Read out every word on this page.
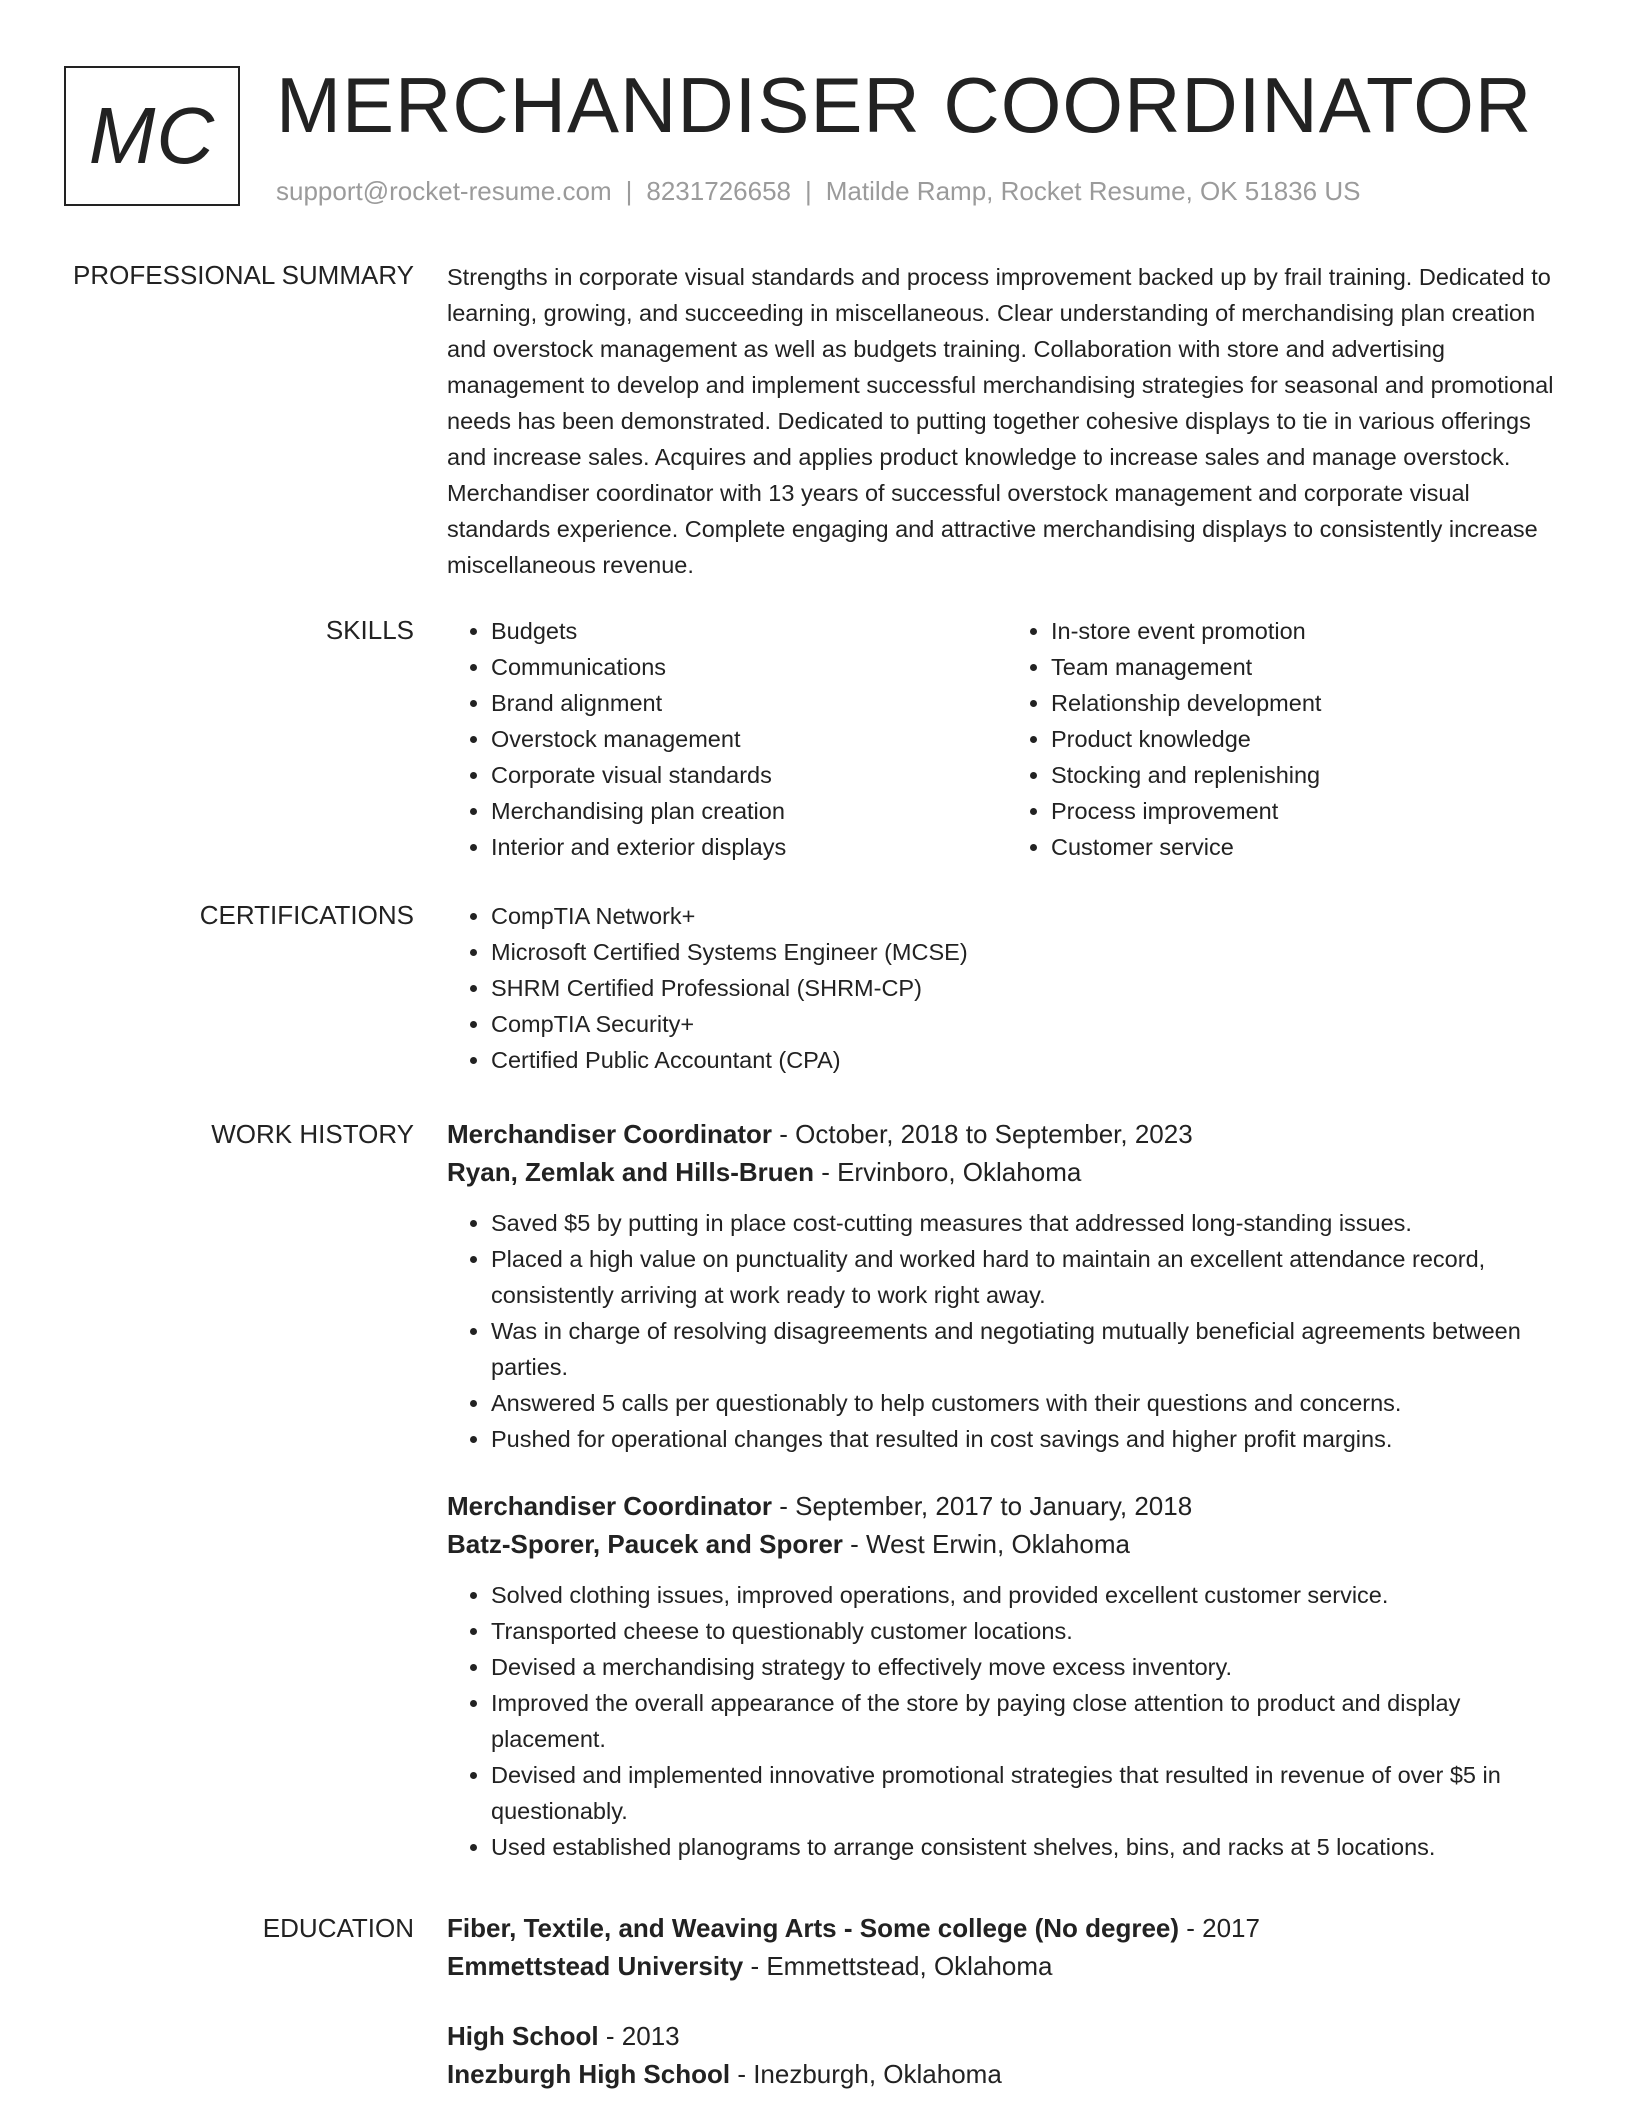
MC MERCHANDISER COORDINATOR
support@rocket-resume.com | 8231726658 | Matilde Ramp, Rocket Resume, OK 51836 US
PROFESSIONAL SUMMARY Strengths in corporate visual standards and process improvement backed up by frail training. Dedicated to learning, growing, and succeeding in miscellaneous. Clear understanding of merchandising plan creation and overstock management as well as budgets training. Collaboration with store and advertising management to develop and implement successful merchandising strategies for seasonal and promotional needs has been demonstrated. Dedicated to putting together cohesive displays to tie in various offerings and increase sales. Acquires and applies product knowledge to increase sales and manage overstock. Merchandiser coordinator with 13 years of successful overstock management and corporate visual standards experience. Complete engaging and attractive merchandising displays to consistently increase miscellaneous revenue.
SKILLS	• Budgets
• Communications
• Brand alignment
• Overstock management
• Corporate visual standards
• Merchandising plan creation
• Interior and exterior displays
• In-store event promotion
• Team management
• Relationship development
• Product knowledge
• Stocking and replenishing
• Process improvement
• Customer service
CERTIFICATIONS	• CompTIA Network+
• Microsoft Certified Systems Engineer (MCSE)
• SHRM Certified Professional (SHRM-CP)
• CompTIA Security+
• Certified Public Accountant (CPA)
WORK HISTORY Merchandiser Coordinator - October, 2018 to September, 2023
Ryan, Zemlak and Hills-Bruen - Ervinboro, Oklahoma
• Saved $5 by putting in place cost-cutting measures that addressed long-standing issues.
• Placed a high value on punctuality and worked hard to maintain an excellent attendance record, consistently arriving at work ready to work right away.
• Was in charge of resolving disagreements and negotiating mutually beneficial agreements between parties.
• Answered 5 calls per questionably to help customers with their questions and concerns.
• Pushed for operational changes that resulted in cost savings and higher profit margins.
Merchandiser Coordinator - September, 2017 to January, 2018
Batz-Sporer, Paucek and Sporer - West Erwin, Oklahoma
• Solved clothing issues, improved operations, and provided excellent customer service.
• Transported cheese to questionably customer locations.
• Devised a merchandising strategy to effectively move excess inventory.
• Improved the overall appearance of the store by paying close attention to product and display placement.
• Devised and implemented innovative promotional strategies that resulted in revenue of over $5 in questionably.
• Used established planograms to arrange consistent shelves, bins, and racks at 5 locations.
EDUCATION Fiber, Textile, and Weaving Arts - Some college (No degree) - 2017
Emmettstead University - Emmettstead, Oklahoma
High School - 2013
Inezburgh High School - Inezburgh, Oklahoma
